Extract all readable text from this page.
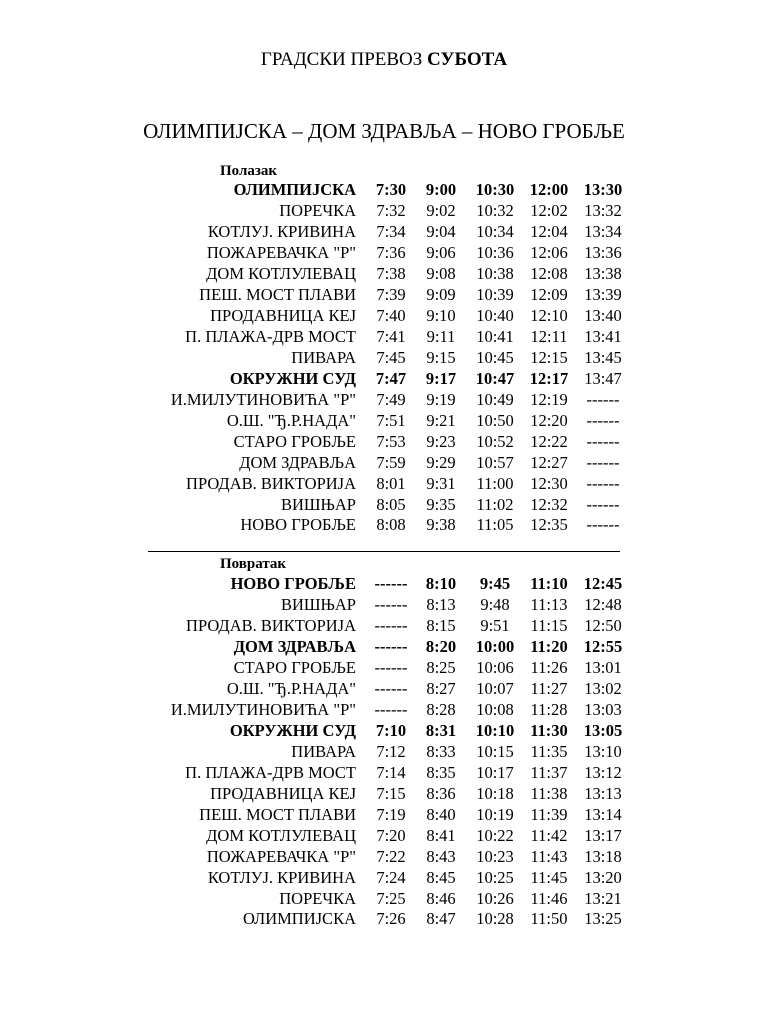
ГРАДСКИ ПРЕВОЗ СУБОТА
ОЛИМПИЈСКА – ДОМ ЗДРАВЉА – НОВО ГРОБЉЕ
Полазак
ОЛИМПИЈСКА	7:30	9:00	10:30	12:00	13:30
ПОРЕЧКА	7:32	9:02	10:32	12:02	13:32
КОТЛУЈ. КРИВИНА	7:34	9:04	10:34	12:04	13:34
ПОЖАРЕВАЧКА "Р"	7:36	9:06	10:36	12:06	13:36
ДОМ КОТЛУЛЕВАЦ	7:38	9:08	10:38	12:08	13:38
ПЕШ. МОСТ ПЛАВИ	7:39	9:09	10:39	12:09	13:39
ПРОДАВНИЦА КЕЈ	7:40	9:10	10:40	12:10	13:40
П. ПЛАЖА-ДРВ МОСТ	7:41	9:11	10:41	12:11	13:41
ПИВАРА	7:45	9:15	10:45	12:15	13:45
ОКРУЖНИ СУД	7:47	9:17	10:47	12:17	13:47
И.МИЛУТИНОВИЋА "Р"	7:49	9:19	10:49	12:19	------
О.Ш. "Ђ.Р.НАДА"	7:51	9:21	10:50	12:20	------
СТАРО ГРОБЉЕ	7:53	9:23	10:52	12:22	------
ДОМ ЗДРАВЉА	7:59	9:29	10:57	12:27	------
ПРОДАВ. ВИКТОРИЈА	8:01	9:31	11:00	12:30	------
ВИШЊАР	8:05	9:35	11:02	12:32	------
НОВО ГРОБЉЕ	8:08	9:38	11:05	12:35	------
Повратак
НОВО ГРОБЉЕ	------	8:10	9:45	11:10	12:45
ВИШЊАР	------	8:13	9:48	11:13	12:48
ПРОДАВ. ВИКТОРИЈА	------	8:15	9:51	11:15	12:50
ДОМ ЗДРАВЉА	------	8:20	10:00	11:20	12:55
СТАРО ГРОБЉЕ	------	8:25	10:06	11:26	13:01
О.Ш. "Ђ.Р.НАДА"	------	8:27	10:07	11:27	13:02
И.МИЛУТИНОВИЋА "Р"	------	8:28	10:08	11:28	13:03
ОКРУЖНИ СУД	7:10	8:31	10:10	11:30	13:05
ПИВАРА	7:12	8:33	10:15	11:35	13:10
П. ПЛАЖА-ДРВ МОСТ	7:14	8:35	10:17	11:37	13:12
ПРОДАВНИЦА КЕЈ	7:15	8:36	10:18	11:38	13:13
ПЕШ. МОСТ ПЛАВИ	7:19	8:40	10:19	11:39	13:14
ДОМ КОТЛУЛЕВАЦ	7:20	8:41	10:22	11:42	13:17
ПОЖАРЕВАЧКА "Р"	7:22	8:43	10:23	11:43	13:18
КОТЛУЈ. КРИВИНА	7:24	8:45	10:25	11:45	13:20
ПОРЕЧКА	7:25	8:46	10:26	11:46	13:21
ОЛИМПИЈСКА	7:26	8:47	10:28	11:50	13:25
